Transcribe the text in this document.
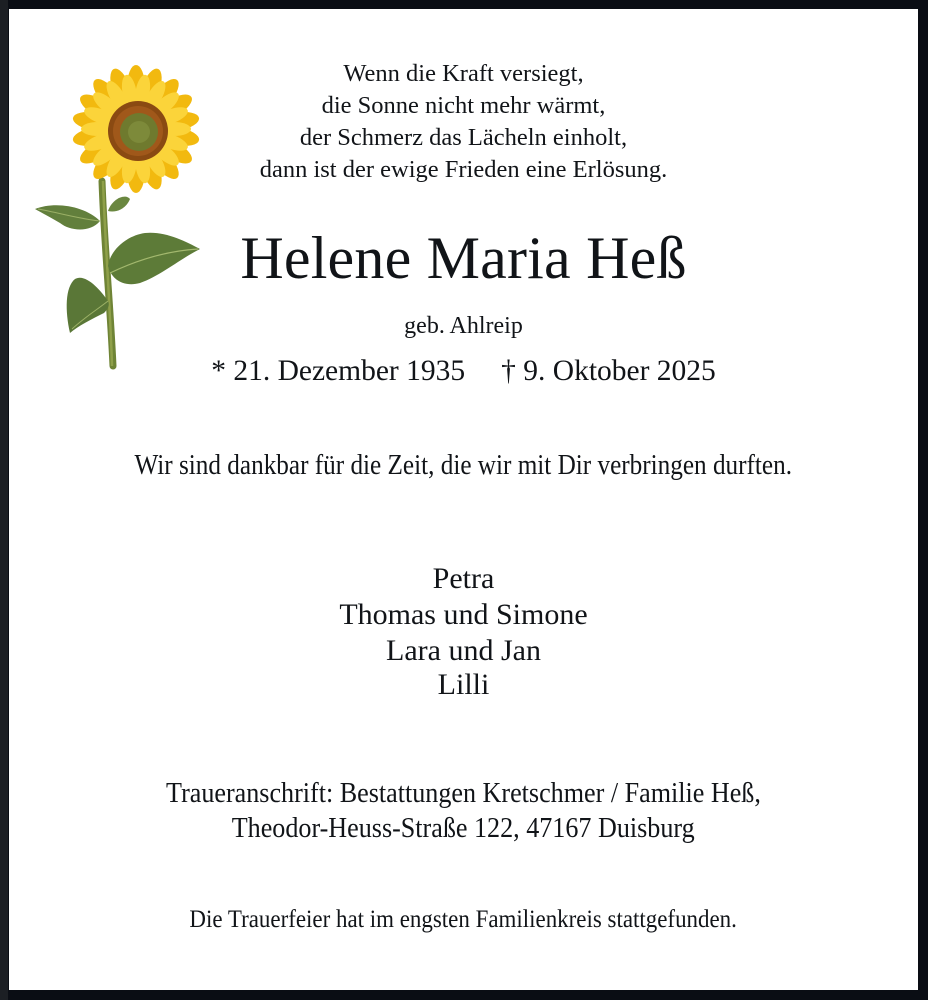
Wenn die Kraft versiegt,
die Sonne nicht mehr wärmt,
der Schmerz das Lächeln einholt,
dann ist der ewige Frieden eine Erlösung.
Helene Maria Heß
geb. Ahlreip
* 21. Dezember 1935 † 9. Oktober 2025
Wir sind dankbar für die Zeit, die wir mit Dir verbringen durften.
Petra
Thomas und Simone
Lara und Jan
Lilli
Traueranschrift: Bestattungen Kretschmer / Familie Heß,
Theodor-Heuss-Straße 122, 47167 Duisburg
Die Trauerfeier hat im engsten Familienkreis stattgefunden.
